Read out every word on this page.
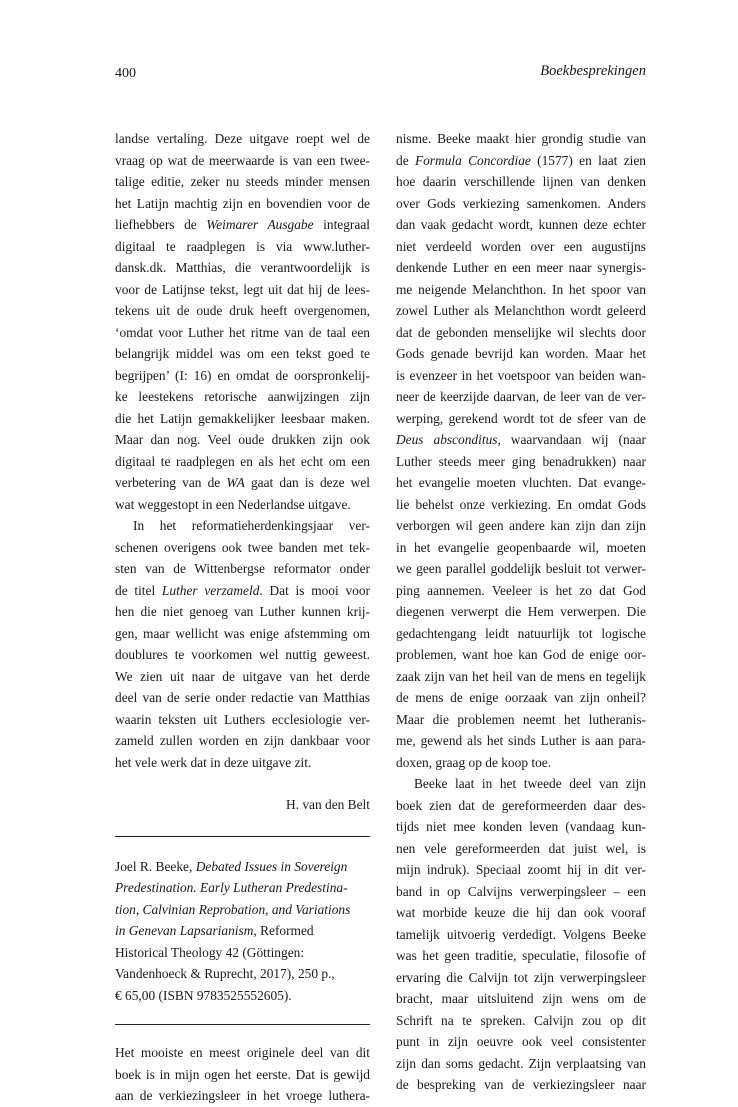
400	Boekbesprekingen
landse vertaling. Deze uitgave roept wel de
vraag op wat de meerwaarde is van een twee-
talige editie, zeker nu steeds minder mensen
het Latijn machtig zijn en bovendien voor de
liefhebbers de Weimarer Ausgabe integraal
digitaal te raadplegen is via www.luther-
dansk.dk. Matthias, die verantwoordelijk is
voor de Latijnse tekst, legt uit dat hij de lees-
tekens uit de oude druk heeft overgenomen,
‘omdat voor Luther het ritme van de taal een
belangrijk middel was om een tekst goed te
begrijpen’ (I: 16) en omdat de oorspronkelij-
ke leestekens retorische aanwijzingen zijn
die het Latijn gemakkelijker leesbaar maken.
Maar dan nog. Veel oude drukken zijn ook
digitaal te raadplegen en als het echt om een
verbetering van de WA gaat dan is deze wel
wat weggestopt in een Nederlandse uitgave.
In het reformatieherdenkingsjaar ver-
schenen overigens ook twee banden met tek-
sten van de Wittenbergse reformator onder
de titel Luther verzameld. Dat is mooi voor
hen die niet genoeg van Luther kunnen krij-
gen, maar wellicht was enige afstemming om
doublures te voorkomen wel nuttig geweest.
We zien uit naar de uitgave van het derde
deel van de serie onder redactie van Matthias
waarin teksten uit Luthers ecclesiologie ver-
zameld zullen worden en zijn dankbaar voor
het vele werk dat in deze uitgave zit.
H. van den Belt
Joel R. Beeke, Debated Issues in Sovereign
Predestination. Early Lutheran Predestina-
tion, Calvinian Reprobation, and Variations
in Genevan Lapsarianism, Reformed
Historical Theology 42 (Göttingen:
Vandenhoeck & Ruprecht, 2017), 250 p.,
€ 65,00 (ISBN 9783525552605).
Het mooiste en meest originele deel van dit
boek is in mijn ogen het eerste. Dat is gewijd
aan de verkiezingsleer in het vroege luthera-
nisme. Beeke maakt hier grondig studie van
de Formula Concordiae (1577) en laat zien
hoe daarin verschillende lijnen van denken
over Gods verkiezing samenkomen. Anders
dan vaak gedacht wordt, kunnen deze echter
niet verdeeld worden over een augustijns
denkende Luther en een meer naar synergis-
me neigende Melanchthon. In het spoor van
zowel Luther als Melanchthon wordt geleerd
dat de gebonden menselijke wil slechts door
Gods genade bevrijd kan worden. Maar het
is evenzeer in het voetspoor van beiden wan-
neer de keerzijde daarvan, de leer van de ver-
werping, gerekend wordt tot de sfeer van de
Deus absconditus, waarvandaan wij (naar
Luther steeds meer ging benadrukken) naar
het evangelie moeten vluchten. Dat evange-
lie behelst onze verkiezing. En omdat Gods
verborgen wil geen andere kan zijn dan zijn
in het evangelie geopenbaarde wil, moeten
we geen parallel goddelijk besluit tot verwer-
ping aannemen. Veeleer is het zo dat God
diegenen verwerpt die Hem verwerpen. Die
gedachtengang leidt natuurlijk tot logische
problemen, want hoe kan God de enige oor-
zaak zijn van het heil van de mens en tegelijk
de mens de enige oorzaak van zijn onheil?
Maar die problemen neemt het lutheranis-
me, gewend als het sinds Luther is aan para-
doxen, graag op de koop toe.
Beeke laat in het tweede deel van zijn
boek zien dat de gereformeerden daar des-
tijds niet mee konden leven (vandaag kun-
nen vele gereformeerden dat juist wel, is
mijn indruk). Speciaal zoomt hij in dit ver-
band in op Calvijns verwerpingsleer – een
wat morbide keuze die hij dan ook vooraf
tamelijk uitvoerig verdedigt. Volgens Beeke
was het geen traditie, speculatie, filosofie of
ervaring die Calvijn tot zijn verwerpingsleer
bracht, maar uitsluitend zijn wens om de
Schrift na te spreken. Calvijn zou op dit
punt in zijn oeuvre ook veel consistenter
zijn dan soms gedacht. Zijn verplaatsing van
de bespreking van de verkiezingsleer naar
